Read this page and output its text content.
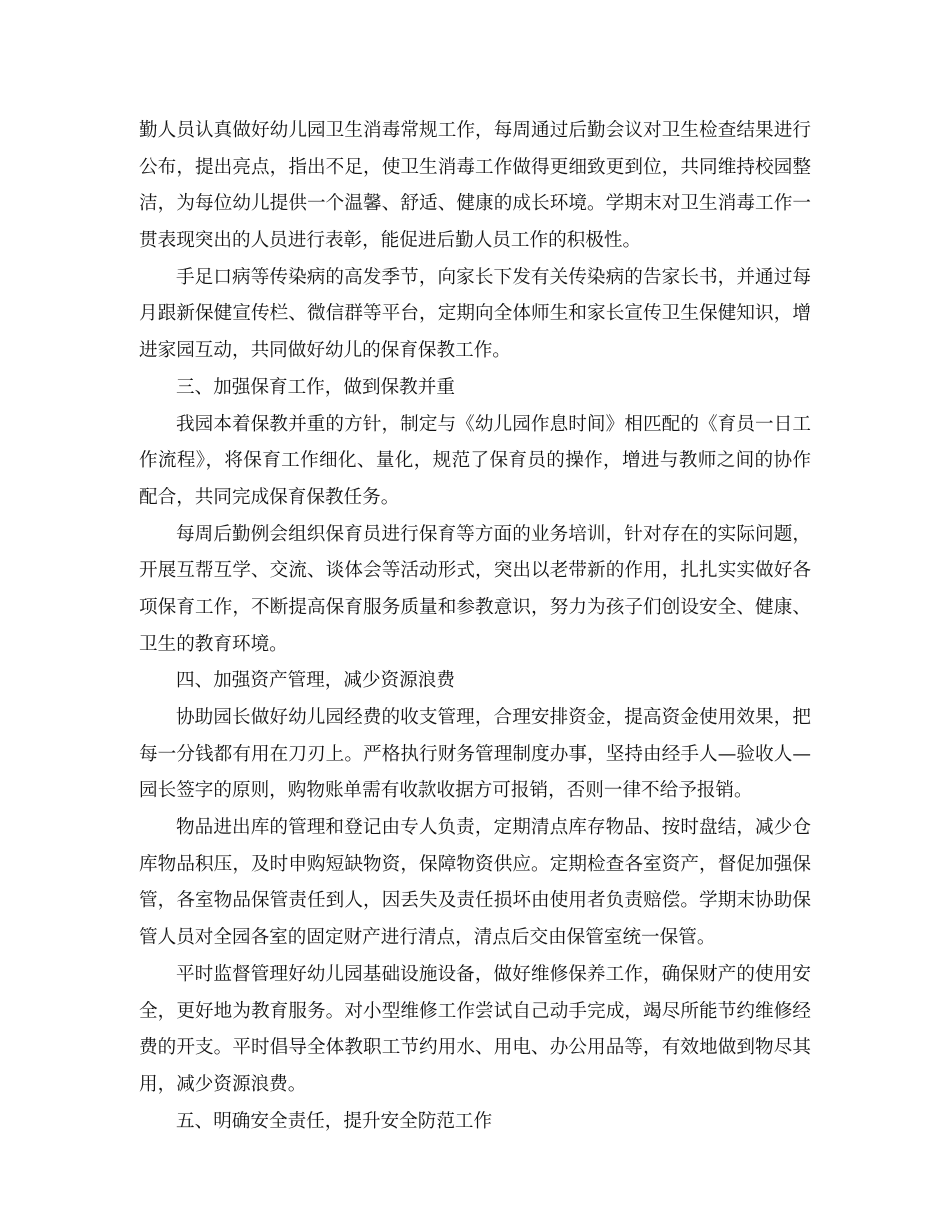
勤人员认真做好幼儿园卫生消毒常规工作，每周通过后勤会议对卫生检查结果进行
公布，提出亮点，指出不足，使卫生消毒工作做得更细致更到位，共同维持校园整
洁，为每位幼儿提供一个温馨、舒适、健康的成长环境。学期末对卫生消毒工作一
贯表现突出的人员进行表彰，能促进后勤人员工作的积极性。
手足口病等传染病的高发季节，向家长下发有关传染病的告家长书，并通过每
月跟新保健宣传栏、微信群等平台，定期向全体师生和家长宣传卫生保健知识，增
进家园互动，共同做好幼儿的保育保教工作。
三、加强保育工作，做到保教并重
我园本着保教并重的方针，制定与《幼儿园作息时间》相匹配的《育员一日工
作流程》，将保育工作细化、量化，规范了保育员的操作，增进与教师之间的协作
配合，共同完成保育保教任务。
每周后勤例会组织保育员进行保育等方面的业务培训，针对存在的实际问题，
开展互帮互学、交流、谈体会等活动形式，突出以老带新的作用，扎扎实实做好各
项保育工作，不断提高保育服务质量和参教意识，努力为孩子们创设安全、健康、
卫生的教育环境。
四、加强资产管理，减少资源浪费
协助园长做好幼儿园经费的收支管理，合理安排资金，提高资金使用效果，把
每一分钱都有用在刀刃上。严格执行财务管理制度办事，坚持由经手人—验收人—
园长签字的原则，购物账单需有收款收据方可报销，否则一律不给予报销。
物品进出库的管理和登记由专人负责，定期清点库存物品、按时盘结，减少仓
库物品积压，及时申购短缺物资，保障物资供应。定期检查各室资产，督促加强保
管，各室物品保管责任到人，因丢失及责任损坏由使用者负责赔偿。学期末协助保
管人员对全园各室的固定财产进行清点，清点后交由保管室统一保管。
平时监督管理好幼儿园基础设施设备，做好维修保养工作，确保财产的使用安
全，更好地为教育服务。对小型维修工作尝试自己动手完成，竭尽所能节约维修经
费的开支。平时倡导全体教职工节约用水、用电、办公用品等，有效地做到物尽其
用，减少资源浪费。
五、明确安全责任，提升安全防范工作
